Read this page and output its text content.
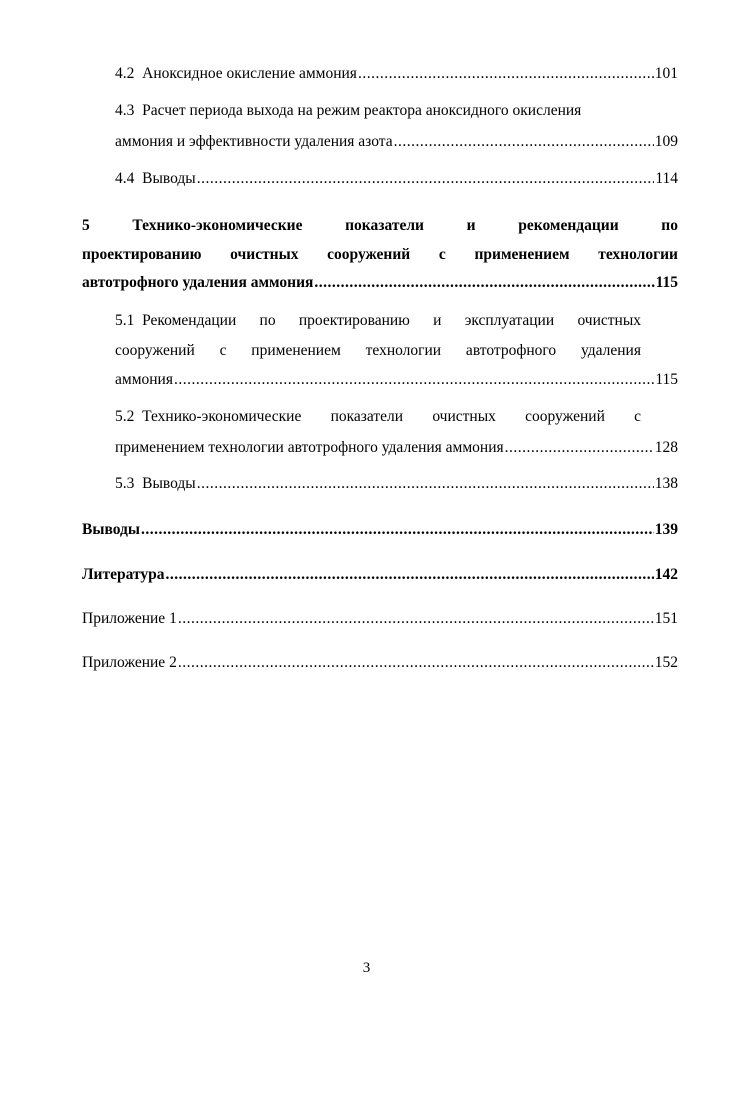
4.2
Аноксидное окисление аммония .....	101
4.3
Расчет периода выхода на режим реактора аноксидного окисления
аммония и эффективности удаления азота .....	109
4.4
Выводы .....	114
5 Технико-экономические показатели и рекомендации по
проектированию очистных сооружений с применением технологии
автотрофного удаления аммония .....	115
5.1
Рекомендации по проектированию и эксплуатации очистных
сооружений с применением технологии автотрофного удаления
аммония .....	115
5.2
Технико-экономические показатели очистных сооружений с
применением технологии автотрофного удаления аммония .....	128
5.3
Выводы .....	138
Выводы .....	139
Литература .....	142
Приложение 1 .....	151
Приложение 2 .....	152
3
